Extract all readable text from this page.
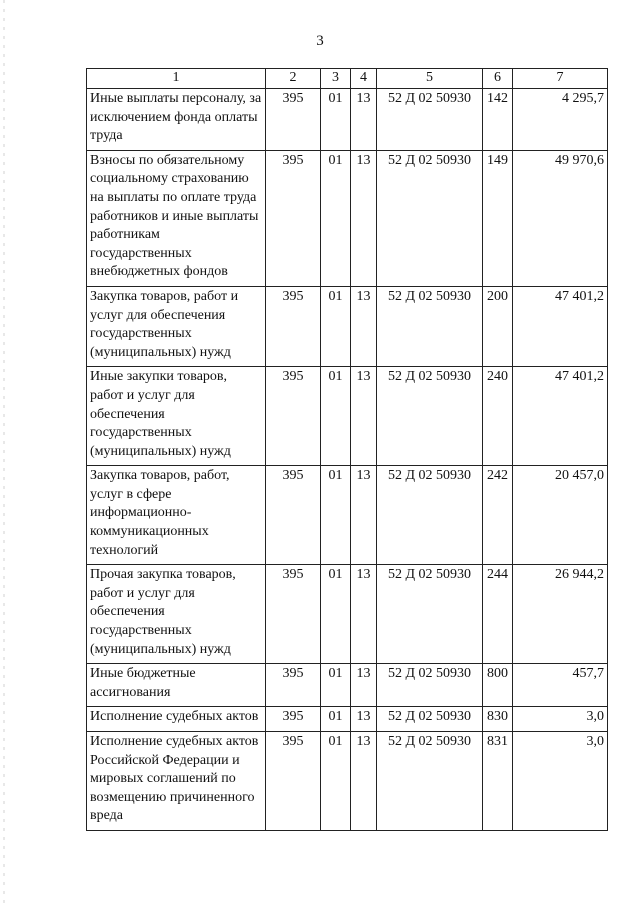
3
1	2	3	4	5	6	7
Иные выплаты персоналу, за исключением фонда оплаты труда	395	01	13	52 Д 02 50930	142	4 295,7
Взносы по обязательному социальному страхованию на выплаты по оплате труда работников и иные выплаты работникам государственных внебюджетных фондов	395	01	13	52 Д 02 50930	149	49 970,6
Закупка товаров, работ и услуг для обеспечения государственных (муниципальных) нужд	395	01	13	52 Д 02 50930	200	47 401,2
Иные закупки товаров, работ и услуг для обеспечения государственных (муниципальных) нужд	395	01	13	52 Д 02 50930	240	47 401,2
Закупка товаров, работ, услуг в сфере информационно-коммуникационных технологий	395	01	13	52 Д 02 50930	242	20 457,0
Прочая закупка товаров, работ и услуг для обеспечения государственных (муниципальных) нужд	395	01	13	52 Д 02 50930	244	26 944,2
Иные бюджетные ассигнования	395	01	13	52 Д 02 50930	800	457,7
Исполнение судебных актов	395	01	13	52 Д 02 50930	830	3,0
Исполнение судебных актов Российской Федерации и мировых соглашений по возмещению причиненного вреда	395	01	13	52 Д 02 50930	831	3,0
